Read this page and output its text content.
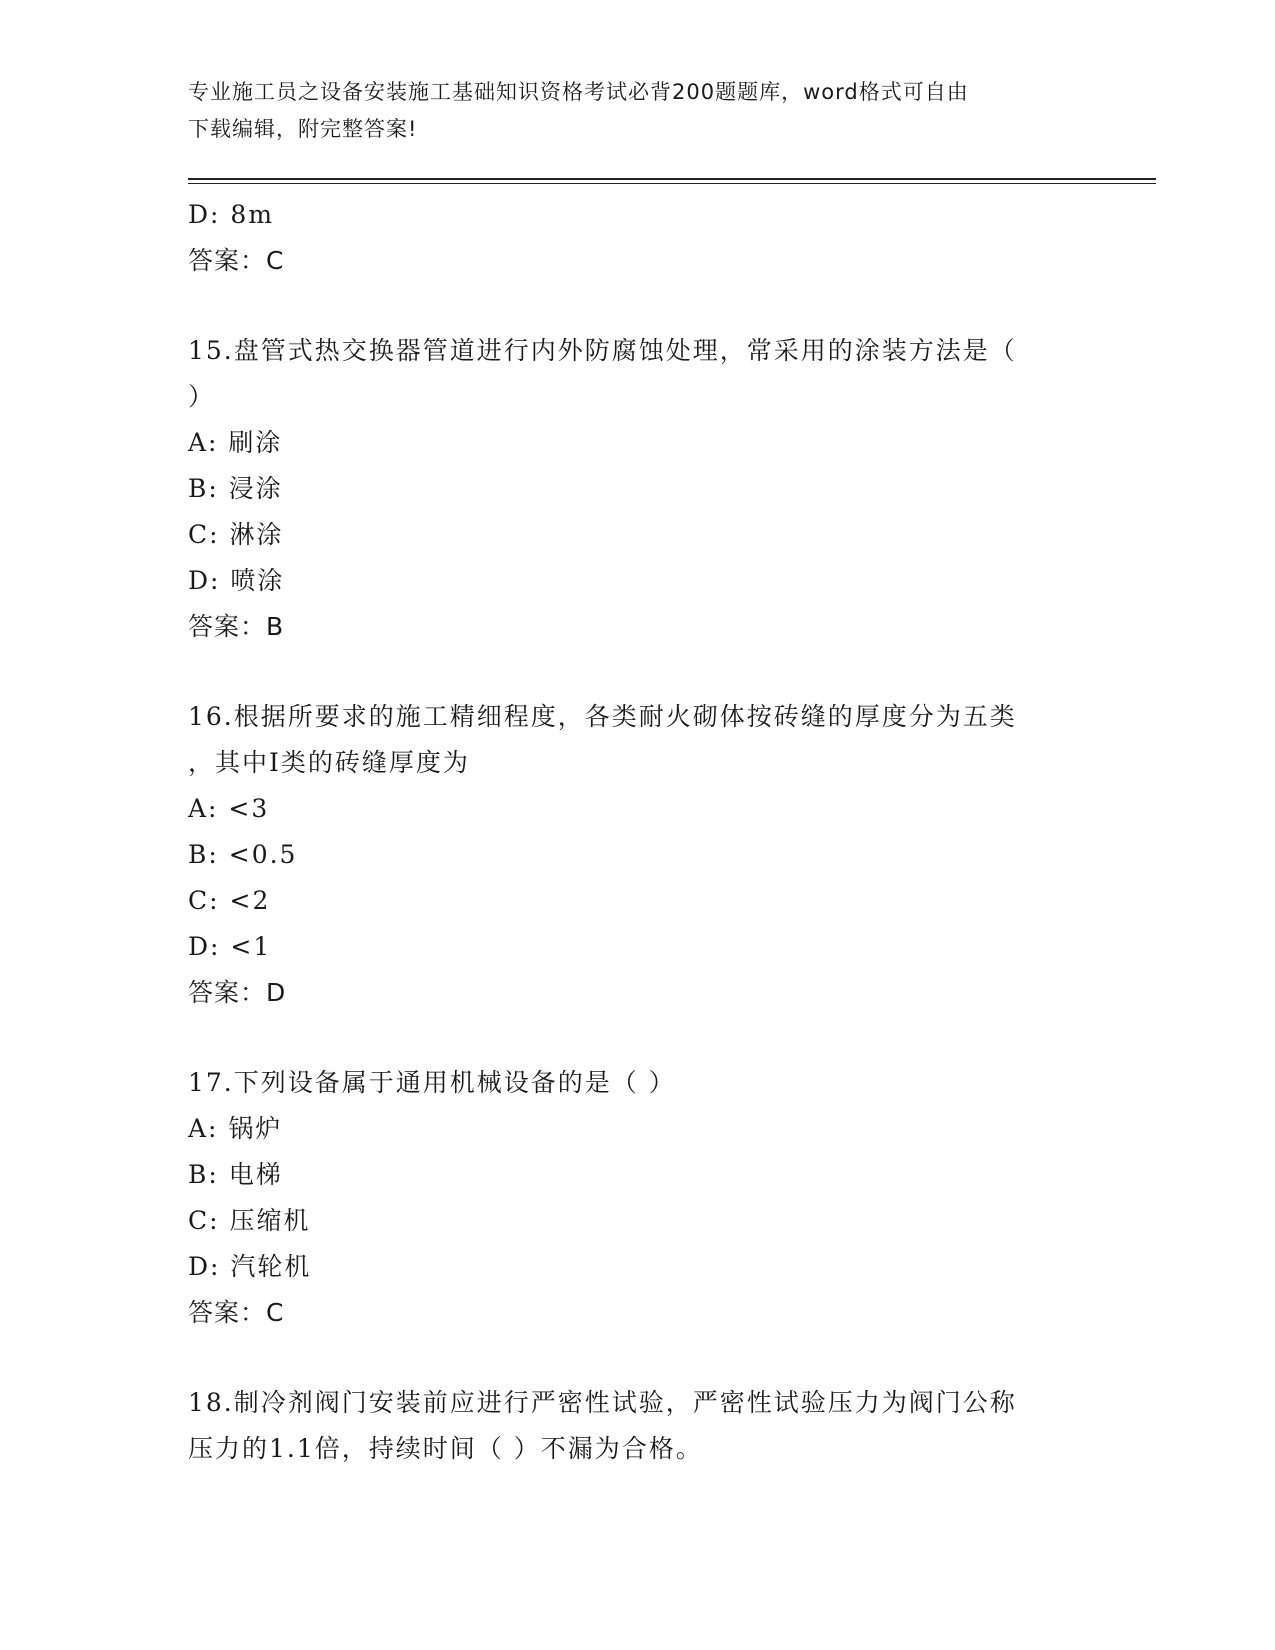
专业施工员之设备安装施工基础知识资格考试必背200题题库，word格式可自由
下载编辑，附完整答案!
D: 8m
答案：C
15.盘管式热交换器管道进行内外防腐蚀处理，常采用的涂装方法是（
）
A: 刷涂
B: 浸涂
C: 淋涂
D: 喷涂
答案：B
16.根据所要求的施工精细程度，各类耐火砌体按砖缝的厚度分为五类
，其中Ⅰ类的砖缝厚度为
A: <3
B: <0.5
C: <2
D: <1
答案：D
17.下列设备属于通用机械设备的是（ ）
A: 锅炉
B: 电梯
C: 压缩机
D: 汽轮机
答案：C
18.制冷剂阀门安装前应进行严密性试验，严密性试验压力为阀门公称
压力的1.1倍，持续时间（ ）不漏为合格。
